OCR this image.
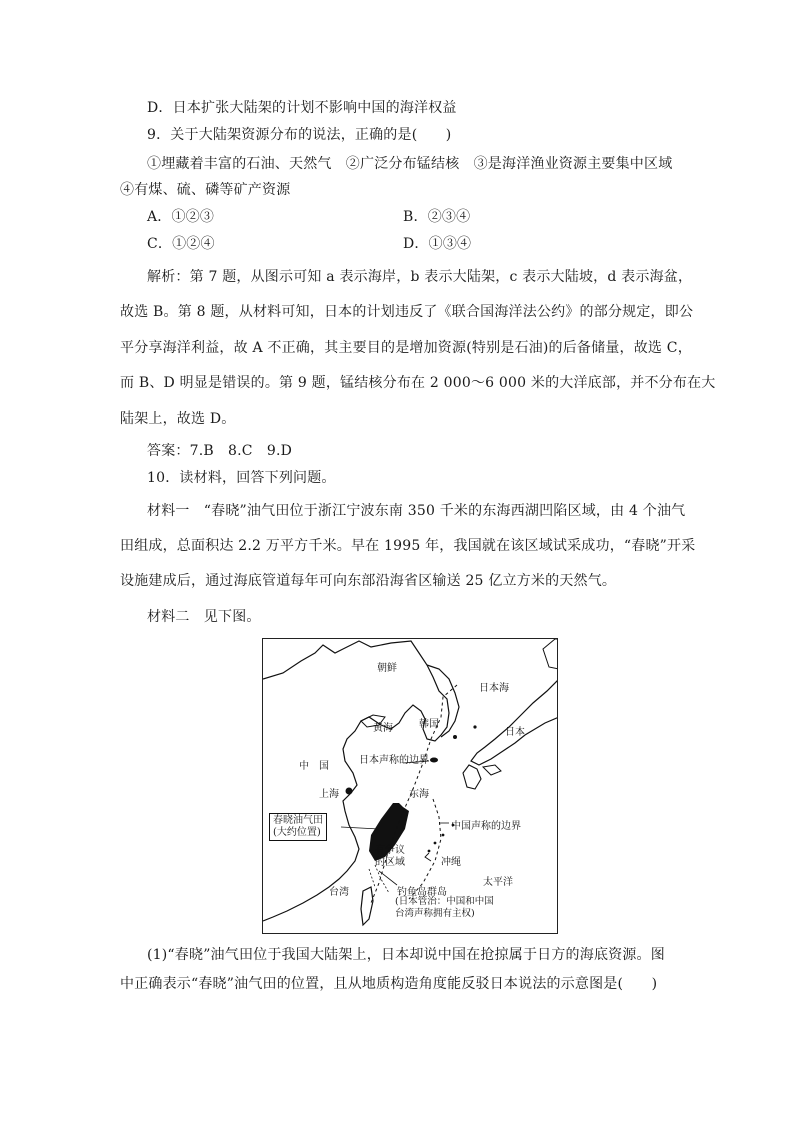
D．日本扩张大陆架的计划不影响中国的海洋权益
9．关于大陆架资源分布的说法，正确的是(　　)
①埋藏着丰富的石油、天然气　②广泛分布锰结核　③是海洋渔业资源主要集中区域
④有煤、硫、磷等矿产资源
A．①②③	B．②③④
C．①②④	D．①③④
解析：第 7 题，从图示可知 a 表示海岸，b 表示大陆架，c 表示大陆坡，d 表示海盆，
故选 B。第 8 题，从材料可知，日本的计划违反了《联合国海洋法公约》的部分规定，即公
平分享海洋利益，故 A 不正确，其主要目的是增加资源(特别是石油)的后备储量，故选 C，
而 B、D 明显是错误的。第 9 题，锰结核分布在 2 000～6 000 米的大洋底部，并不分布在大
陆架上，故选 D。
答案：7.B　8.C　9.D
10．读材料，回答下列问题。
材料一　“春晓”油气田位于浙江宁波东南 350 千米的东海西湖凹陷区域，由 4 个油气
田组成，总面积达 2.2 万平方千米。早在 1995 年，我国就在该区域试采成功，“春晓”开采
设施建成后，通过海底管道每年可向东部沿海省区输送 25 亿立方米的天然气。
材料二　见下图。
朝鲜
日本海
黄海	韩国
日本
中　国
日本声称的边界
上海	东海
春晓油气田
(大约位置)
中国声称的边界
有争议
的区域	冲绳
太平洋
台湾	钓鱼岛群岛
(日本管治：中国和中国
台湾声称拥有主权)
(1)“春晓”油气田位于我国大陆架上，日本却说中国在抢掠属于日方的海底资源。图
中正确表示“春晓”油气田的位置，且从地质构造角度能反驳日本说法的示意图是(　　)
